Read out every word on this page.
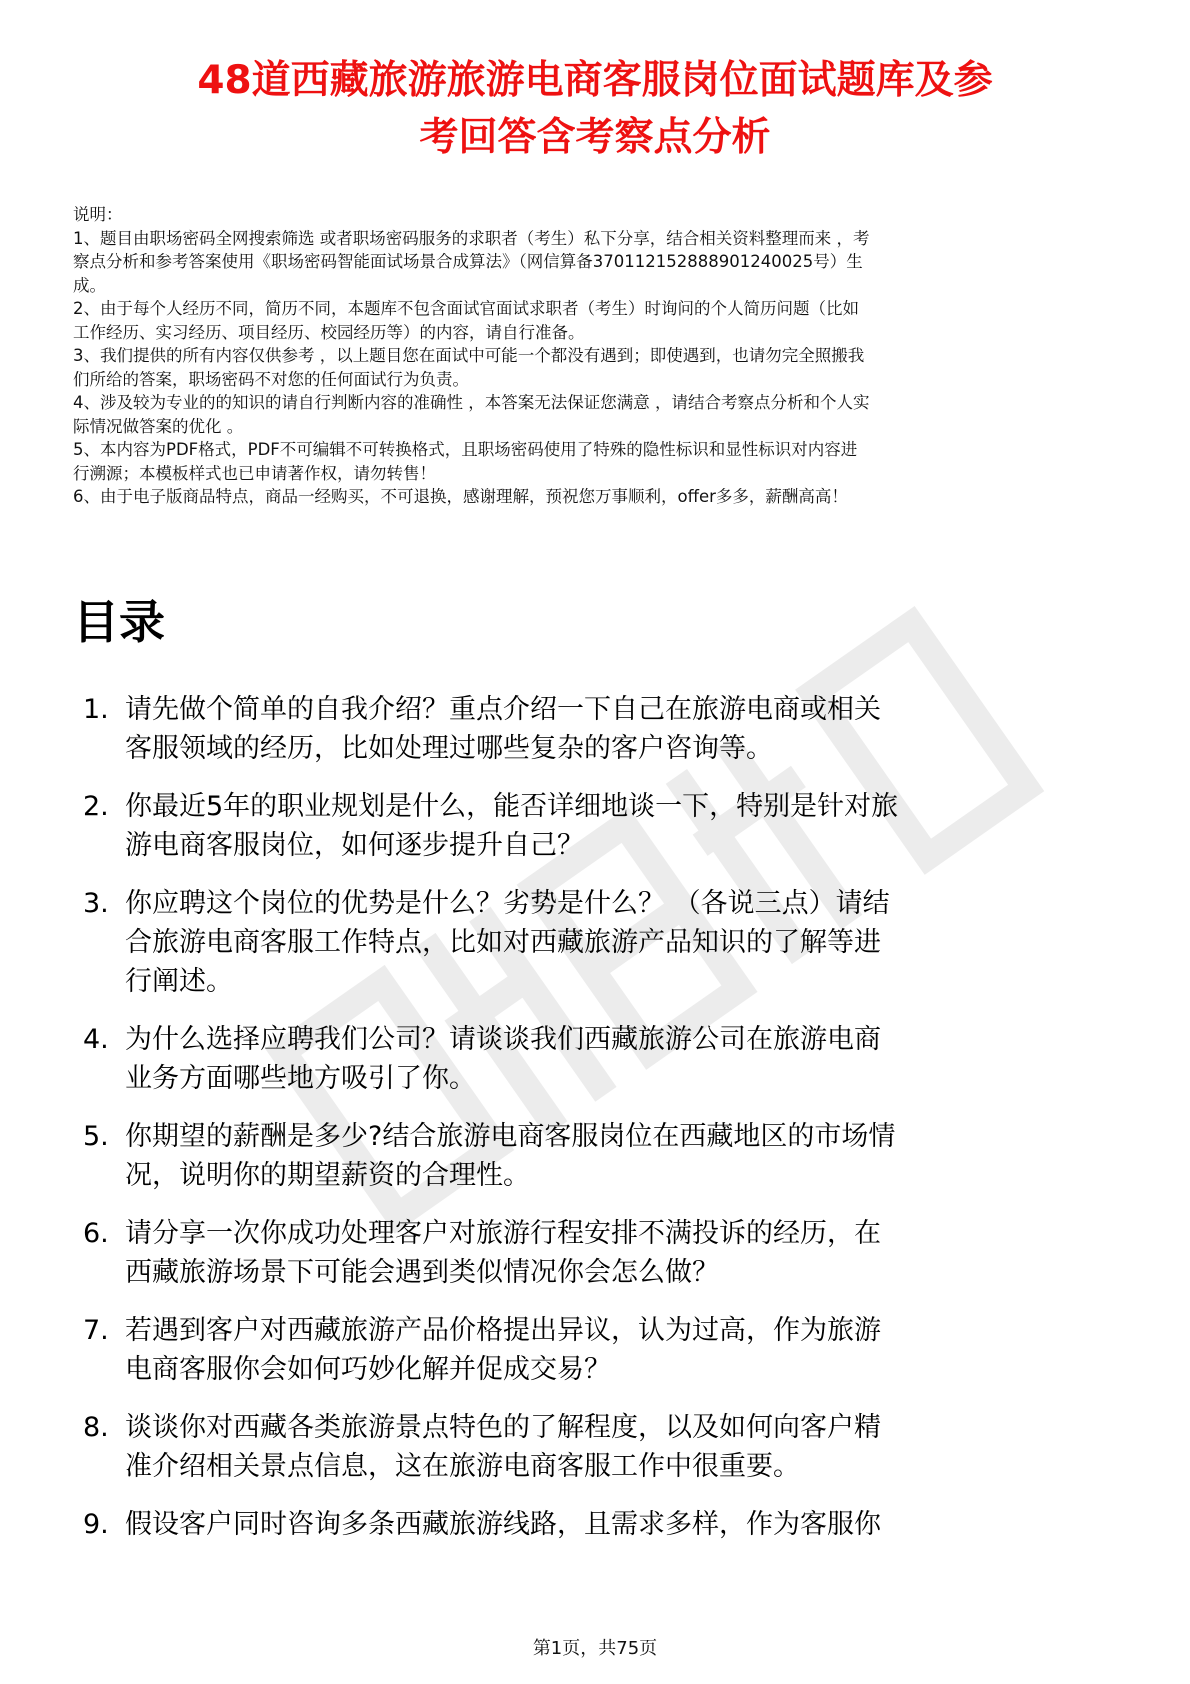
48道西藏旅游旅游电商客服岗位面试题库及参
考回答含考察点分析
说明：
1、题目由职场密码全网搜索筛选 或者职场密码服务的求职者（考生）私下分享，结合相关资料整理而来 ，考
察点分析和参考答案使用《职场密码智能面试场景合成算法》（网信算备370112152888901240025号）生
成。
2、由于每个人经历不同，简历不同，本题库不包含面试官面试求职者（考生）时询问的个人简历问题（比如
工作经历、实习经历、项目经历、校园经历等）的内容，请自行准备。
3、我们提供的所有内容仅供参考 ，以上题目您在面试中可能一个都没有遇到；即使遇到，也请勿完全照搬我
们所给的答案，职场密码不对您的任何面试行为负责。
4、涉及较为专业的的知识的请自行判断内容的准确性 ，本答案无法保证您满意 ，请结合考察点分析和个人实
际情况做答案的优化 。
5、本内容为PDF格式，PDF不可编辑不可转换格式，且职场密码使用了特殊的隐性标识和显性标识对内容进
行溯源；本模板样式也已申请著作权，请勿转售！
6、由于电子版商品特点，商品一经购买，不可退换，感谢理解，预祝您万事顺利，offer多多，薪酬高高！
目录
1. 请先做个简单的自我介绍？重点介绍一下自己在旅游电商或相关
客服领域的经历，比如处理过哪些复杂的客户咨询等。
2. 你最近5年的职业规划是什么，能否详细地谈一下，特别是针对旅
游电商客服岗位，如何逐步提升自己？
3. 你应聘这个岗位的优势是什么？劣势是什么？ （各说三点）请结
合旅游电商客服工作特点，比如对西藏旅游产品知识的了解等进
行阐述。
4. 为什么选择应聘我们公司？请谈谈我们西藏旅游公司在旅游电商
业务方面哪些地方吸引了你。
5. 你期望的薪酬是多少?结合旅游电商客服岗位在西藏地区的市场情
况，说明你的期望薪资的合理性。
6. 请分享一次你成功处理客户对旅游行程安排不满投诉的经历，在
西藏旅游场景下可能会遇到类似情况你会怎么做？
7. 若遇到客户对西藏旅游产品价格提出异议，认为过高，作为旅游
电商客服你会如何巧妙化解并促成交易？
8. 谈谈你对西藏各类旅游景点特色的了解程度，以及如何向客户精
准介绍相关景点信息，这在旅游电商客服工作中很重要。
9. 假设客户同时咨询多条西藏旅游线路，且需求多样，作为客服你
第1页，共75页
